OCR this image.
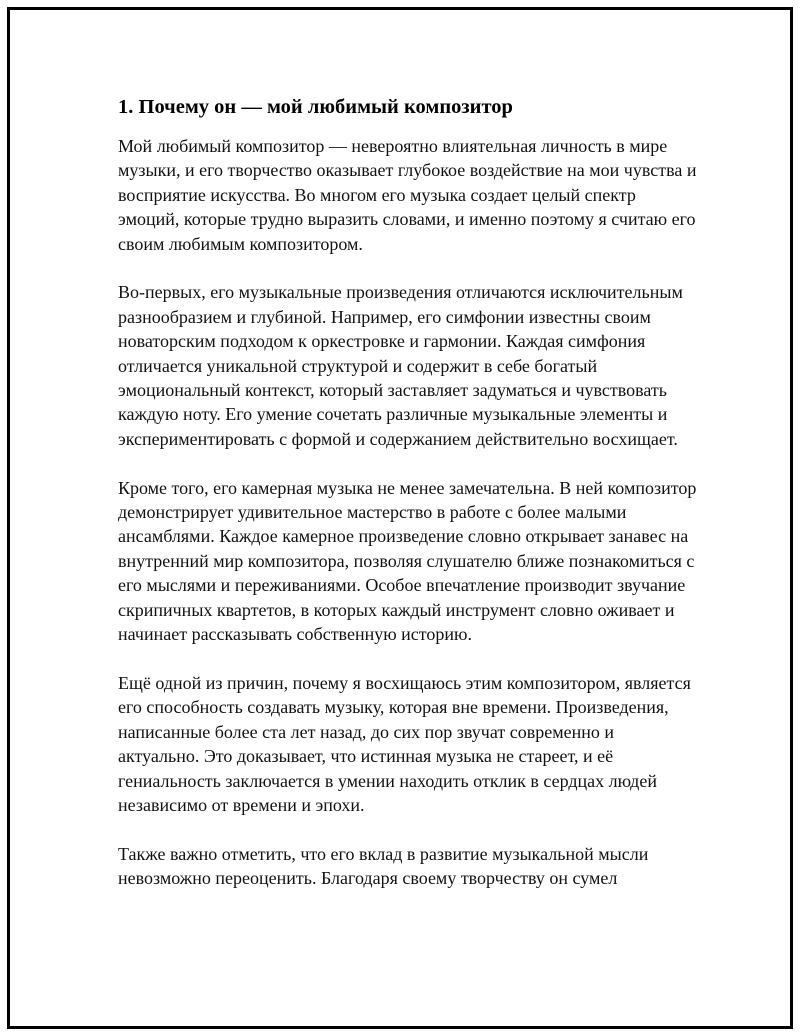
1. Почему он — мой любимый композитор

Мой любимый композитор — невероятно влиятельная личность в мире музыки, и его творчество оказывает глубокое воздействие на мои чувства и восприятие искусства. Во многом его музыка создает целый спектр эмоций, которые трудно выразить словами, и именно поэтому я считаю его своим любимым композитором.

Во-первых, его музыкальные произведения отличаются исключительным разнообразием и глубиной. Например, его симфонии известны своим новаторским подходом к оркестровке и гармонии. Каждая симфония отличается уникальной структурой и содержит в себе богатый эмоциональный контекст, который заставляет задуматься и чувствовать каждую ноту. Его умение сочетать различные музыкальные элементы и экспериментировать с формой и содержанием действительно восхищает.

Кроме того, его камерная музыка не менее замечательна. В ней композитор демонстрирует удивительное мастерство в работе с более малыми ансамблями. Каждое камерное произведение словно открывает занавес на внутренний мир композитора, позволяя слушателю ближе познакомиться с его мыслями и переживаниями. Особое впечатление производит звучание скрипичных квартетов, в которых каждый инструмент словно оживает и начинает рассказывать собственную историю.

Ещё одной из причин, почему я восхищаюсь этим композитором, является его способность создавать музыку, которая вне времени. Произведения, написанные более ста лет назад, до сих пор звучат современно и актуально. Это доказывает, что истинная музыка не стареет, и её гениальность заключается в умении находить отклик в сердцах людей независимо от времени и эпохи.

Также важно отметить, что его вклад в развитие музыкальной мысли невозможно переоценить. Благодаря своему творчеству он сумел
